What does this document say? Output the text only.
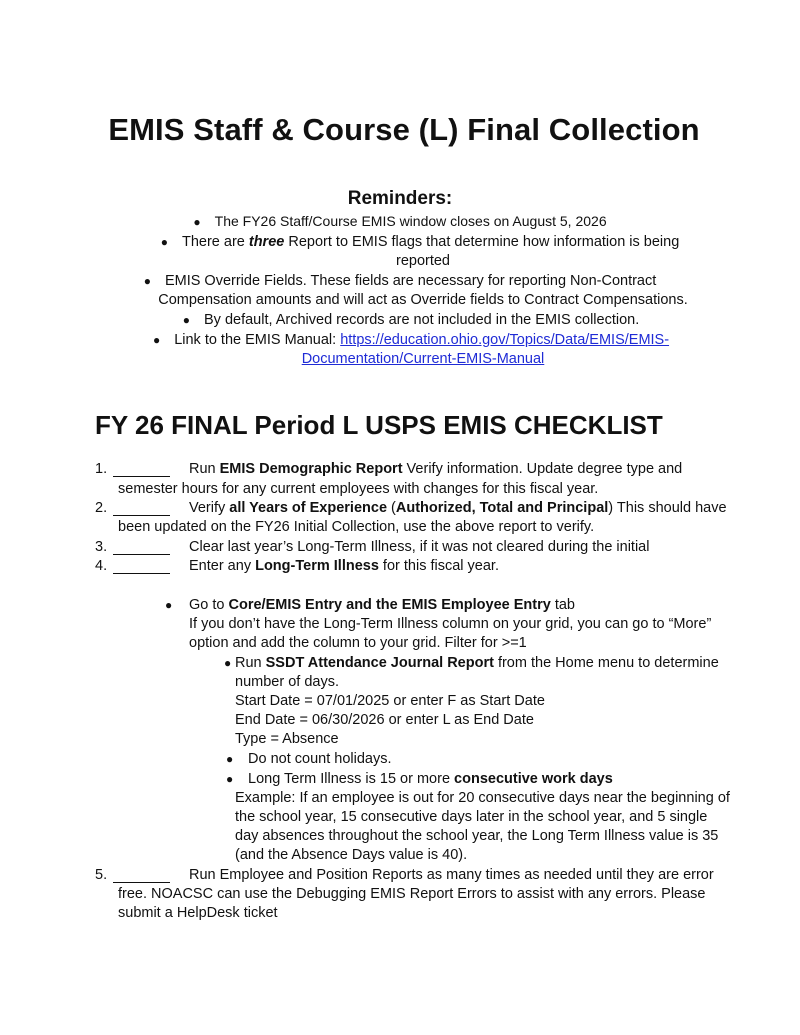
EMIS Staff & Course (L) Final Collection
Reminders:
● The FY26 Staff/Course EMIS window closes on August 5, 2026
● There are three Report to EMIS flags that determine how information is being
reported
● EMIS Override Fields. These fields are necessary for reporting Non-Contract
Compensation amounts and will act as Override fields to Contract Compensations.
● By default, Archived records are not included in the EMIS collection.
● Link to the EMIS Manual: https://education.ohio.gov/Topics/Data/EMIS/EMIS-
Documentation/Current-EMIS-Manual
FY 26 FINAL Period L USPS EMIS CHECKLIST
1.	Run EMIS Demographic Report Verify information. Update degree type and
semester hours for any current employees with changes for this fiscal year.
2.	Verify all Years of Experience (Authorized, Total and Principal) This should have
been updated on the FY26 Initial Collection, use the above report to verify.
3.	Clear last year’s Long-Term Illness, if it was not cleared during the initial
4.	Enter any Long-Term Illness for this fiscal year.
● Go to Core/EMIS Entry and the EMIS Employee Entry tab
If you don’t have the Long-Term Illness column on your grid, you can go to “More”
option and add the column to your grid. Filter for >=1
● Run SSDT Attendance Journal Report from the Home menu to determine
number of days.
Start Date = 07/01/2025 or enter F as Start Date
End Date = 06/30/2026 or enter L as End Date
Type = Absence
● Do not count holidays.
● Long Term Illness is 15 or more consecutive work days
Example: If an employee is out for 20 consecutive days near the beginning of
the school year, 15 consecutive days later in the school year, and 5 single
day absences throughout the school year, the Long Term Illness value is 35
(and the Absence Days value is 40).
5.	Run Employee and Position Reports as many times as needed until they are error
free. NOACSC can use the Debugging EMIS Report Errors to assist with any errors. Please
submit a HelpDesk ticket
